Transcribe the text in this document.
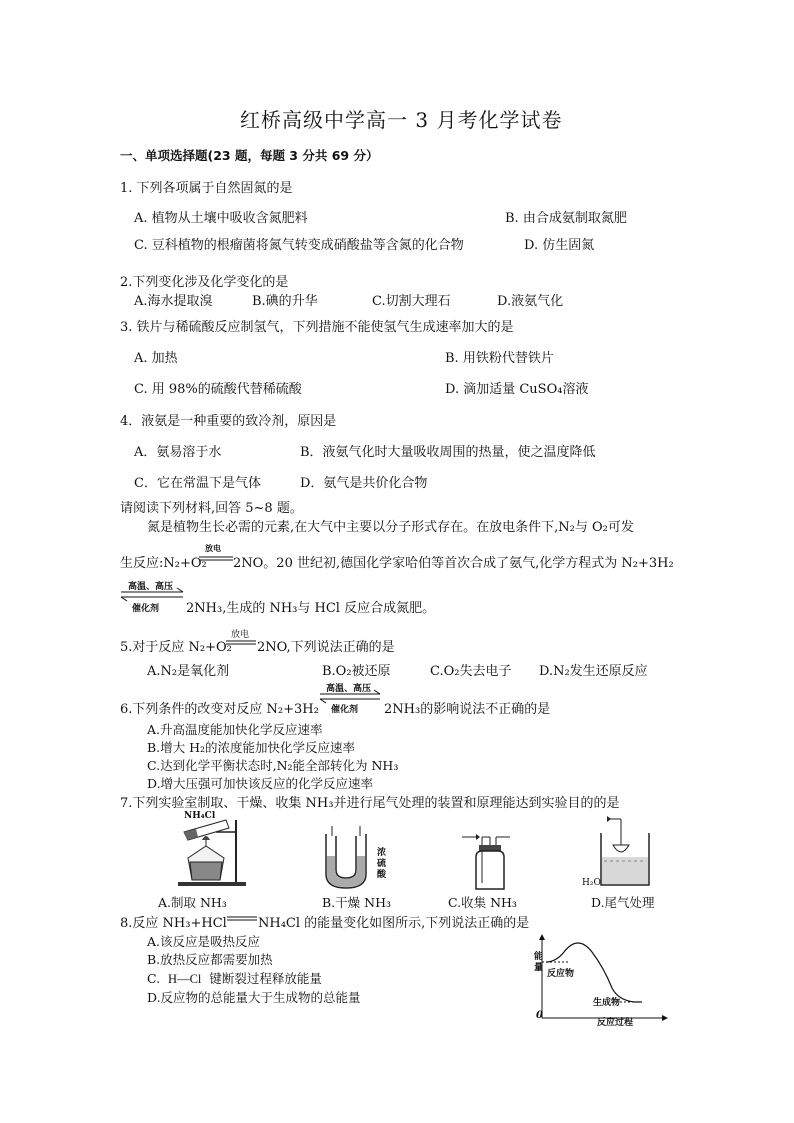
红桥高级中学高一 3 月考化学试卷
一、单项选择题(23 题，每题 3 分共 69 分）
1. 下列各项属于自然固氮的是
A. 植物从土壤中吸收含氮肥料	B. 由合成氨制取氮肥
C. 豆科植物的根瘤菌将氮气转变成硝酸盐等含氮的化合物	D. 仿生固氮
2.下列变化涉及化学变化的是
A.海水提取溴	B.碘的升华	C.切割大理石	D.液氨气化
3. 铁片与稀硫酸反应制氢气，下列措施不能使氢气生成速率加大的是
A. 加热	B. 用铁粉代替铁片
C. 用 98%的硫酸代替稀硫酸	D. 滴加适量 CuSO₄溶液
4．液氨是一种重要的致冷剂，原因是
A．氨易溶于水	B．液氨气化时大量吸收周围的热量，使之温度降低
C．它在常温下是气体	D．氨气是共价化合物
请阅读下列材料,回答 5~8 题。
氮是植物生长必需的元素,在大气中主要以分子形式存在。在放电条件下,N₂与 O₂可发
生反应:N₂+O₂
放电
2NO。20 世纪初,德国化学家哈伯等首次合成了氨气,化学方程式为 N₂+3H₂
高温、高压
催化剂 2NH₃,生成的 NH₃与 HCl 反应合成氮肥。
5.对于反应 N₂+O₂
放电
2NO,下列说法正确的是
A.N₂是氧化剂	B.O₂被还原	C.O₂失去电子 D.N₂发生还原反应
6.下列条件的改变对反应 N₂+3H₂
高温、高压
催化剂 2NH₃的影响说法不正确的是
A.升高温度能加快化学反应速率
B.增大 H₂的浓度能加快化学反应速率
C.达到化学平衡状态时,N₂能全部转化为 NH₃
D.增大压强可加快该反应的化学反应速率
7.下列实验室制取、干燥、收集 NH₃并进行尾气处理的装置和原理能达到实验目的的是
NH₄Cl
浓
硫
酸
H₂O
A.制取 NH₃	B.干燥 NH₃	C.收集 NH₃	D.尾气处理
8.反应 NH₃+HCl NH₄Cl 的能量变化如图所示,下列说法正确的是
A.该反应是吸热反应
B.放热反应都需要加热
C. H—Cl 键断裂过程释放能量
D.反应物的总能量大于生成物的总能量
能
量
反应物
生成物
0
反应过程
